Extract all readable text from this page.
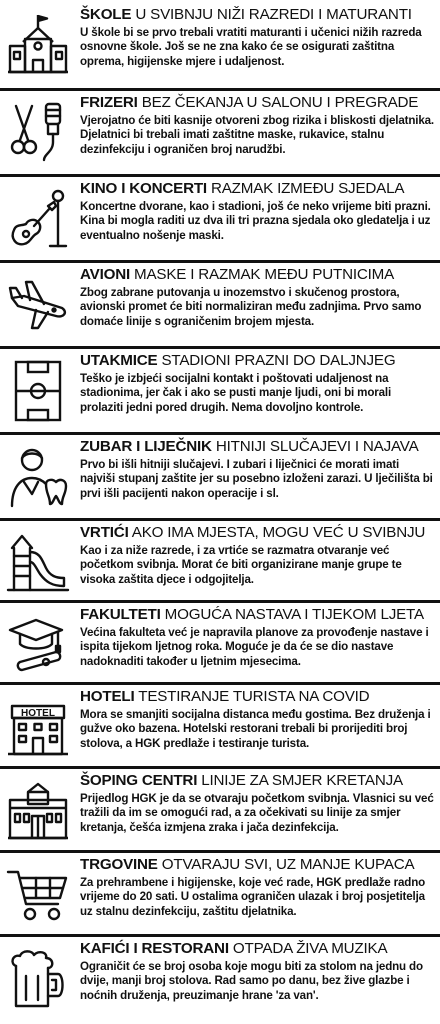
ŠKOLE U SVIBNJU NIŽI RAZREDI I MATURANTI
U škole bi se prvo trebali vratiti maturanti i učenici nižih razreda osnovne škole. Još se ne zna kako će se osigurati zaštitna oprema, higijenske mjere i udaljenost.
FRIZERI BEZ ČEKANJA U SALONU I PREGRADE
Vjerojatno će biti kasnije otvoreni zbog rizika i bliskosti djelatnika. Djelatnici bi trebali imati zaštitne maske, rukavice, stalnu dezinfekciju i ograničen broj narudžbi.
KINO I KONCERTI RAZMAK IZMEĐU SJEDALA
Koncertne dvorane, kao i stadioni, još će neko vrijeme biti prazni. Kina bi mogla raditi uz dva ili tri prazna sjedala oko gledatelja i uz eventualno nošenje maski.
AVIONI MASKE I RAZMAK MEĐU PUTNICIMA
Zbog zabrane putovanja u inozemstvo i skučenog prostora, avionski promet će biti normaliziran među zadnjima. Prvo samo domaće linije s ograničenim brojem mjesta.
UTAKMICE STADIONI PRAZNI DO DALJNJEG
Teško je izbjeći socijalni kontakt i poštovati udaljenost na stadionima, jer čak i ako se pusti manje ljudi, oni bi morali prolaziti jedni pored drugih. Nema dovoljno kontrole.
ZUBAR I LIJEČNIK HITNIJI SLUČAJEVI I NAJAVA
Prvo bi išli hitniji slučajevi. I zubari i liječnici će morati imati najviši stupanj zaštite jer su posebno izloženi zarazi. U lječilišta bi prvi išli pacijenti nakon operacije i sl.
VRTIĆI AKO IMA MJESTA, MOGU VEĆ U SVIBNJU
Kao i za niže razrede, i za vrtiće se razmatra otvaranje već početkom svibnja. Morat će biti organizirane manje grupe te visoka zaštita djece i odgojitelja.
FAKULTETI MOGUĆA NASTAVA I TIJEKOM LJETA
Većina fakulteta već je napravila planove za provođenje nastave i ispita tijekom ljetnog roka. Moguće je da će se dio nastave nadoknaditi također u ljetnim mjesecima.
HOTEL
HOTELI TESTIRANJE TURISTA NA COVID
Mora se smanjiti socijalna distanca među gostima. Bez druženja i gužve oko bazena. Hotelski restorani trebali bi prorijediti broj stolova, a HGK predlaže i testiranje turista.
ŠOPING CENTRI LINIJE ZA SMJER KRETANJA
Prijedlog HGK je da se otvaraju početkom svibnja. Vlasnici su već tražili da im se omogući rad, a za očekivati su linije za smjer kretanja, češća izmjena zraka i jača dezinfekcija.
TRGOVINE OTVARAJU SVI, UZ MANJE KUPACA
Za prehrambene i higijenske, koje već rade, HGK predlaže radno vrijeme do 20 sati. U ostalima ograničen ulazak i broj posjetitelja uz stalnu dezinfekciju, zaštitu djelatnika.
KAFIĆI I RESTORANI OTPADA ŽIVA MUZIKA
Ograničit će se broj osoba koje mogu biti za stolom na jednu do dvije, manji broj stolova. Rad samo po danu, bez žive glazbe i noćnih druženja, preuzimanje hrane 'za van'.
